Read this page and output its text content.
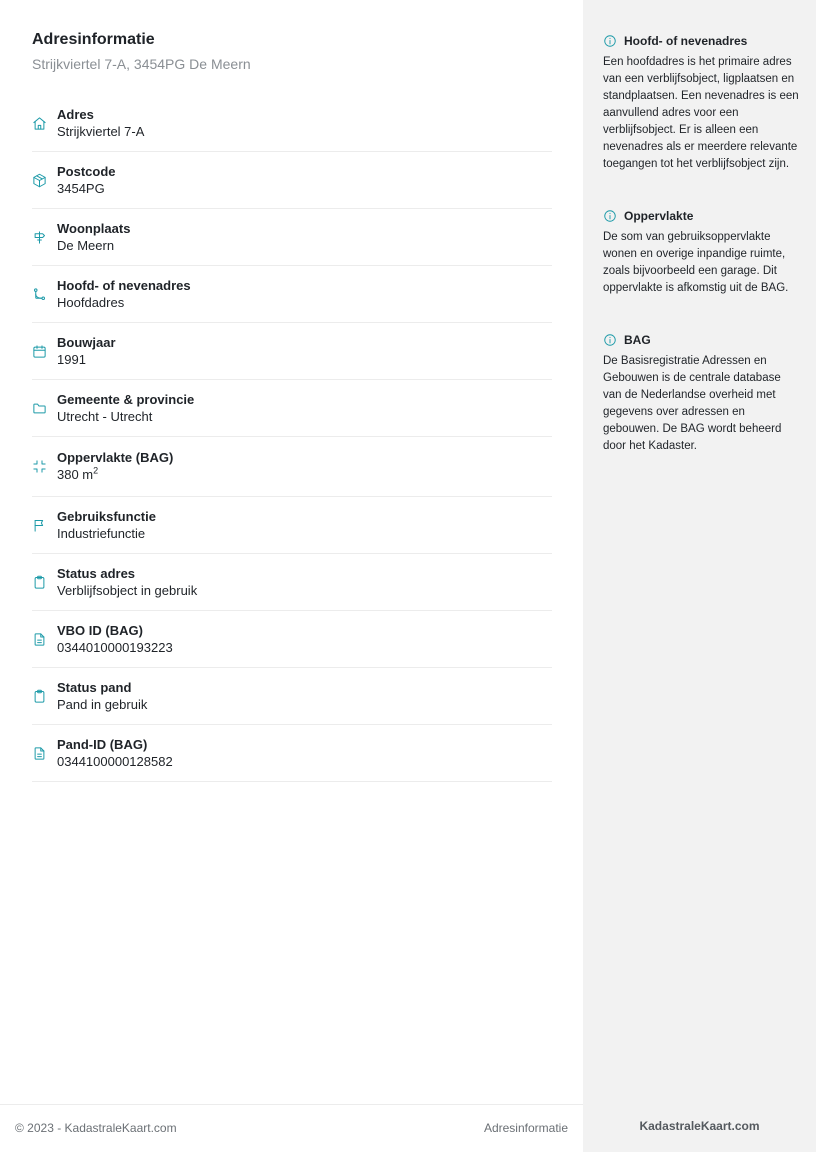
Adresinformatie
Strijkviertel 7-A, 3454PG De Meern
Adres
Strijkviertel 7-A
Postcode
3454PG
Woonplaats
De Meern
Hoofd- of nevenadres
Hoofdadres
Bouwjaar
1991
Gemeente & provincie
Utrecht - Utrecht
Oppervlakte (BAG)
380 $m^2$
Gebruiksfunctie
Industriefunctie
Status adres
Verblijfsobject in gebruik
VBO ID (BAG)
0344010000193223
Status pand
Pand in gebruik
Pand-ID (BAG)
0344100000128582
Hoofd- of nevenadres
Een hoofdadres is het primaire adres van een verblijfsobject, ligplaatsen en standplaatsen. Een nevenadres is een aanvullend adres voor een verblijfsobject. Er is alleen een nevenadres als er meerdere relevante toegangen tot het verblijfsobject zijn.
Oppervlakte
De som van gebruiksoppervlakte wonen en overige inpandige ruimte, zoals bijvoorbeeld een garage. Dit oppervlakte is afkomstig uit de BAG.
BAG
De Basisregistratie Adressen en Gebouwen is de centrale database van de Nederlandse overheid met gegevens over adressen en gebouwen. De BAG wordt beheerd door het Kadaster.
© 2023 - KadastraleKaart.com	Adresinformatie	KadastraleKaart.com
